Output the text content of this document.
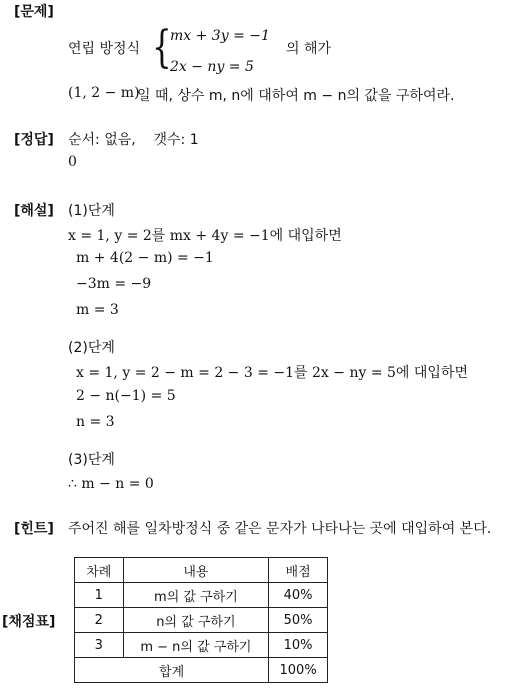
[문제]
연립 방정식 {
mx + 3y = −1
2x − ny = 5
의 해가
(1, 2 − m)
일 때, 상수 m, n에 대하여 m − n의 값을 구하여라.
[정답] 순서: 없음,    갯수: 1
0
[해설] (1)단계
x = 1, y = 2를 mx + 4y = −1에 대입하면
m + 4(2 − m) = −1
−3m = −9
m = 3
(2)단계
x = 1, y = 2 − m = 2 − 3 = −1를 2x − ny = 5에 대입하면
2 − n(−1) = 5
n = 3
(3)단계
∴ m − n = 0
[힌트] 주어진 해를 일차방정식 중 같은 문자가 나타나는 곳에 대입하여 본다.
[채점표]
차례	내용	배점
1	m의 값 구하기	40%
2	n의 값 구하기	50%
3	m − n의 값 구하기	10%
합계		100%
